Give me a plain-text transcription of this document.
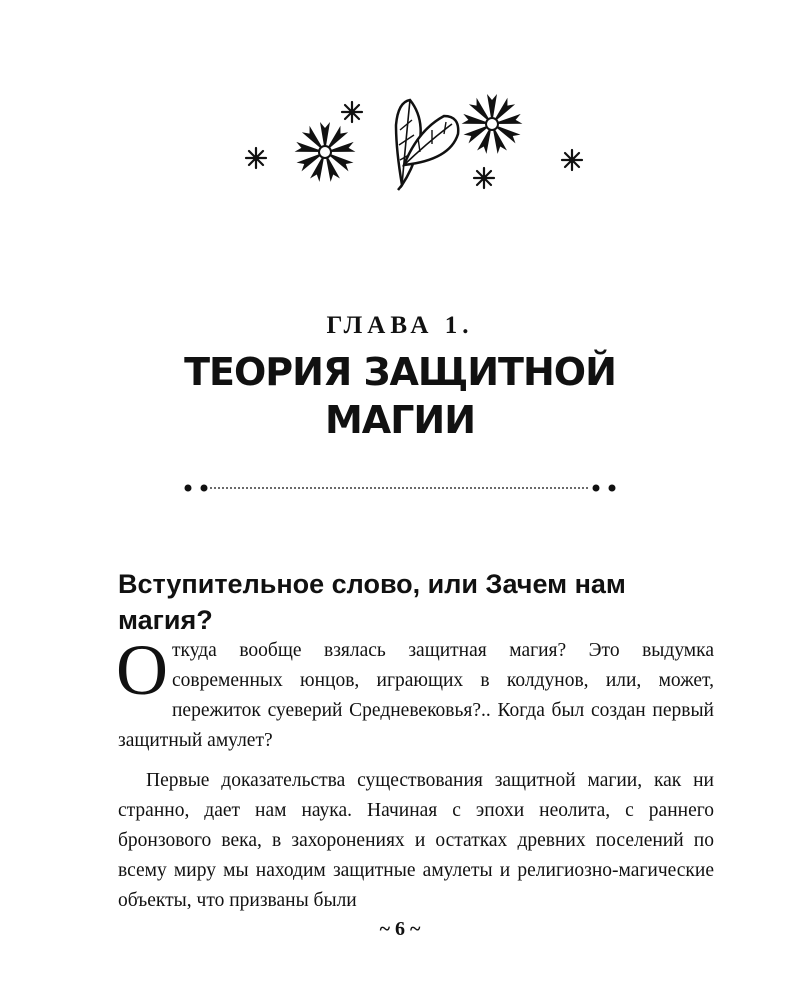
ГЛАВА 1.
ТЕОРИЯ ЗАЩИТНОЙ
МАГИИ
Вступительное слово, или Зачем нам магия?

Откуда вообще взялась защитная магия? Это выдумка современных юнцов, играющих в колдунов, или, может, пережиток суеверий Средневековья?.. Когда был создан первый защитный амулет?

Первые доказательства существования защитной магии, как ни странно, дает нам наука. Начиная с эпохи неолита, с раннего бронзового века, в захоронениях и остатках древних поселений по всему миру мы находим защитные амулеты и религиозно-магические объекты, что призваны были

~ 6 ~
